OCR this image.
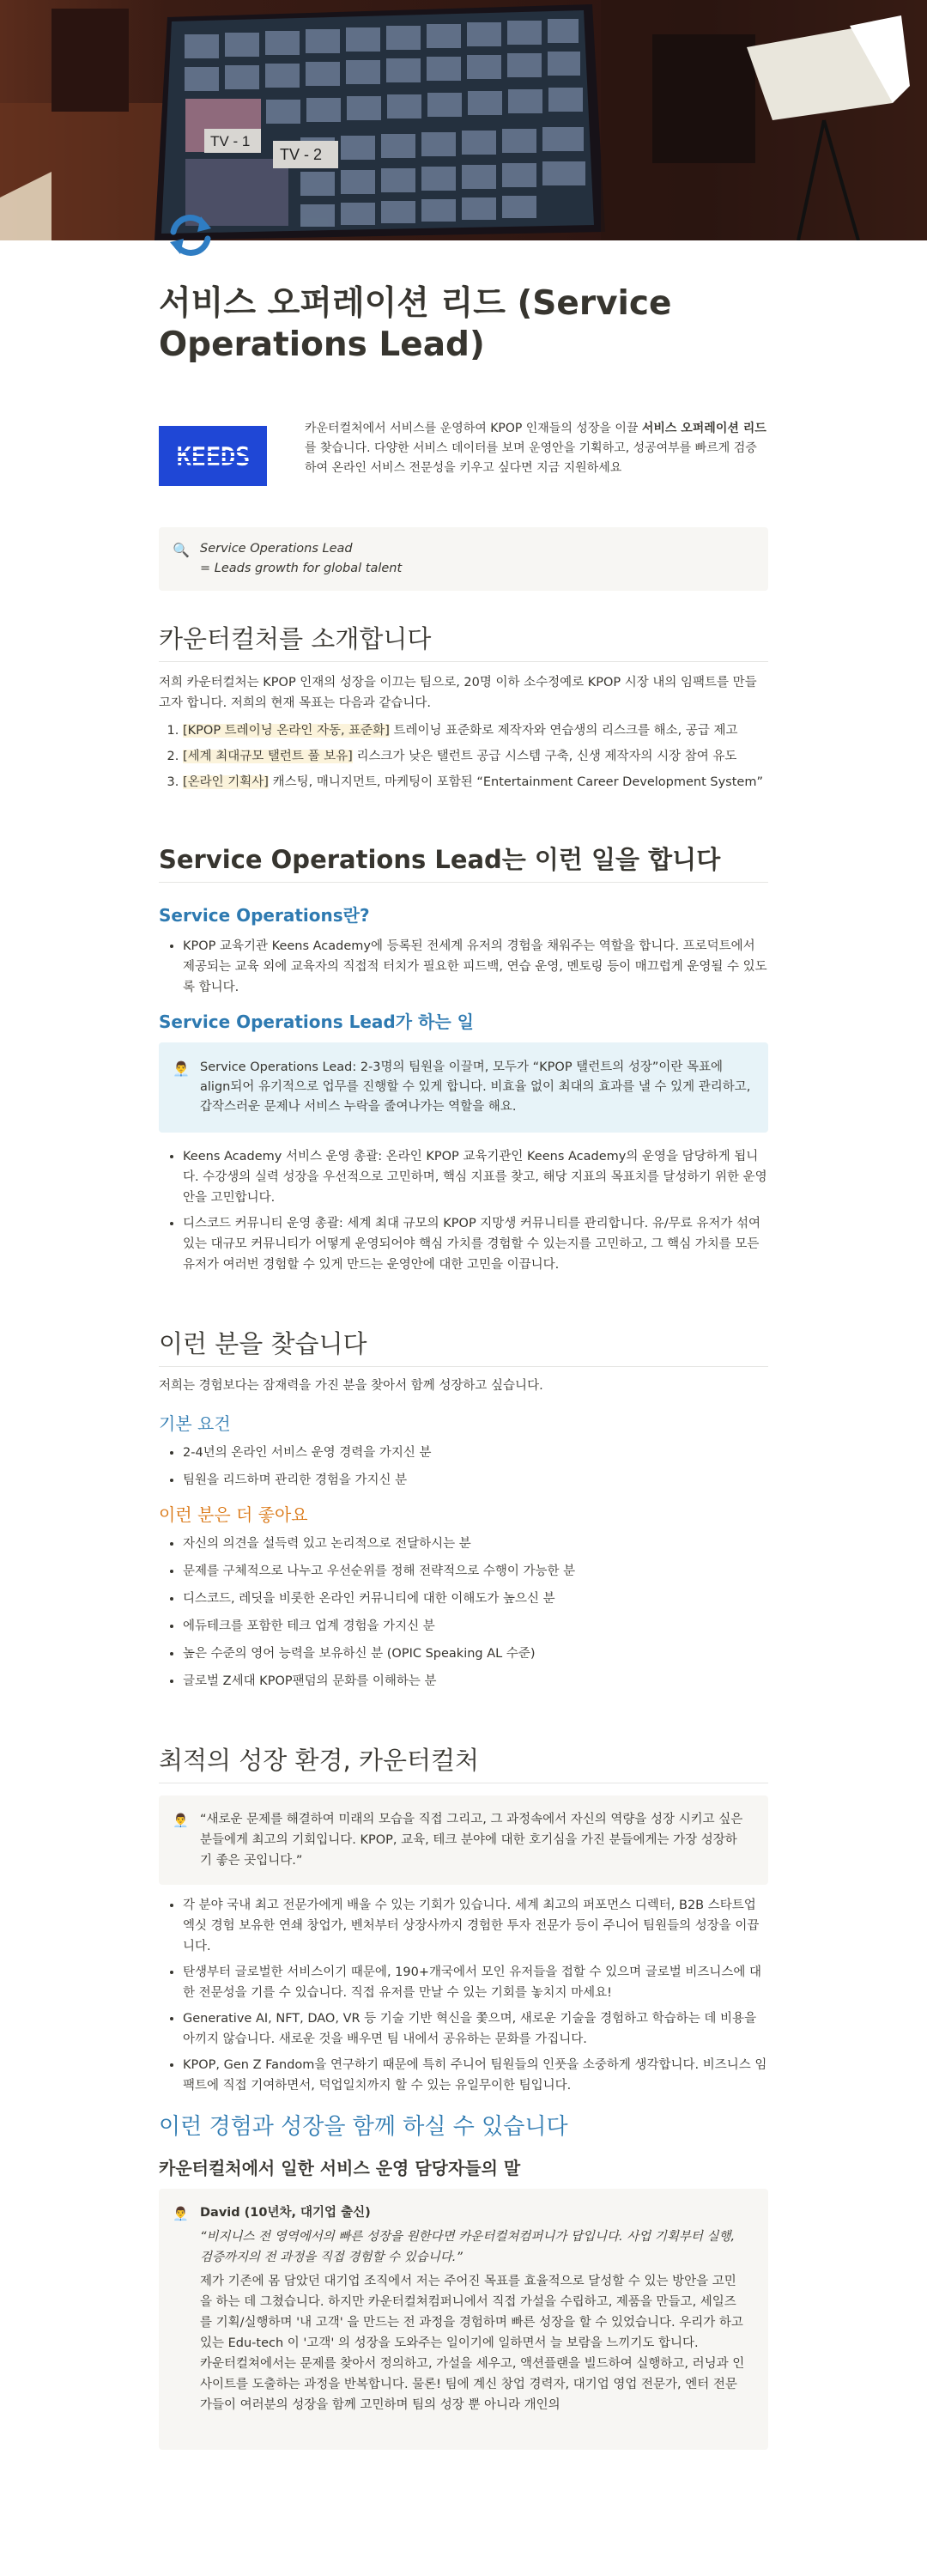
TV - 1
TV - 2
서비스 오퍼레이션 리드 (Service Operations Lead)
KEEDS
카운터컬처에서 서비스를 운영하여 KPOP 인재들의 성장을 이끌 서비스 오퍼레이션 리드를 찾습니다. 다양한 서비스 데이터를 보며 운영안을 기획하고, 성공여부를 빠르게 검증하여 온라인 서비스 전문성을 키우고 싶다면 지금 지원하세요
🔍 Service Operations Lead
= Leads growth for global talent
카운터컬처를 소개합니다

저희 카운터컬처는 KPOP 인재의 성장을 이끄는 팀으로, 20명 이하 소수정예로 KPOP 시장 내의 임팩트를 만들고자 합니다. 저희의 현재 목표는 다음과 같습니다.

1. [KPOP 트레이닝 온라인 자동, 표준화] 트레이닝 표준화로 제작자와 연습생의 리스크를 해소, 공급 제고
2. [세계 최대규모 탤런트 풀 보유] 리스크가 낮은 탤런트 공급 시스템 구축, 신생 제작자의 시장 참여 유도
3. [온라인 기획사] 캐스팅, 매니지먼트, 마케팅이 포함된 “Entertainment Career Development System”
Service Operations Lead는 이런 일을 합니다
Service Operations란?
• KPOP 교육기관 Keens Academy에 등록된 전세계 유저의 경험을 채워주는 역할을 합니다. 프로덕트에서 제공되는 교육 외에 교육자의 직접적 터치가 필요한 피드백, 연습 운영, 멘토링 등이 매끄럽게 운영될 수 있도록 합니다.
Service Operations Lead가 하는 일
👨‍💼 Service Operations Lead: 2-3명의 팀원을 이끌며, 모두가 “KPOP 탤런트의 성장”이란 목표에 align되어 유기적으로 업무를 진행할 수 있게 합니다. 비효율 없이 최대의 효과를 낼 수 있게 관리하고, 갑작스러운 문제나 서비스 누락을 줄여나가는 역할을 해요.
• Keens Academy 서비스 운영 총괄: 온라인 KPOP 교육기관인 Keens Academy의 운영을 담당하게 됩니다. 수강생의 실력 성장을 우선적으로 고민하며, 핵심 지표를 찾고, 해당 지표의 목표치를 달성하기 위한 운영안을 고민합니다.
• 디스코드 커뮤니티 운영 총괄: 세계 최대 규모의 KPOP 지망생 커뮤니티를 관리합니다. 유/무료 유저가 섞여 있는 대규모 커뮤니티가 어떻게 운영되어야 핵심 가치를 경험할 수 있는지를 고민하고, 그 핵심 가치를 모든 유저가 여러번 경험할 수 있게 만드는 운영안에 대한 고민을 이끕니다.
이런 분을 찾습니다

저희는 경험보다는 잠재력을 가진 분을 찾아서 함께 성장하고 싶습니다.

기본 요건
• 2-4년의 온라인 서비스 운영 경력을 가지신 분
• 팀원을 리드하며 관리한 경험을 가지신 분
이런 분은 더 좋아요
• 자신의 의견을 설득력 있고 논리적으로 전달하시는 분
• 문제를 구체적으로 나누고 우선순위를 정해 전략적으로 수행이 가능한 분
• 디스코드, 레딧을 비롯한 온라인 커뮤니티에 대한 이해도가 높으신 분
• 에듀테크를 포함한 테크 업계 경험을 가지신 분
• 높은 수준의 영어 능력을 보유하신 분 (OPIC Speaking AL 수준)
• 글로벌 Z세대 KPOP팬덤의 문화를 이해하는 분
최적의 성장 환경, 카운터컬처
👨‍💼 “새로운 문제를 해결하여 미래의 모습을 직접 그리고, 그 과정속에서 자신의 역량을 성장 시키고 싶은 분들에게 최고의 기회입니다. KPOP, 교육, 테크 분야에 대한 호기심을 가진 분들에게는 가장 성장하기 좋은 곳입니다.”
• 각 분야 국내 최고 전문가에게 배울 수 있는 기회가 있습니다. 세계 최고의 퍼포먼스 디렉터, B2B 스타트업 엑싯 경험 보유한 연쇄 창업가, 벤처부터 상장사까지 경험한 투자 전문가 등이 주니어 팀원들의 성장을 이끕니다.
• 탄생부터 글로벌한 서비스이기 때문에, 190+개국에서 모인 유저들을 접할 수 있으며 글로벌 비즈니스에 대한 전문성을 기를 수 있습니다. 직접 유저를 만날 수 있는 기회를 놓치지 마세요!
• Generative AI, NFT, DAO, VR 등 기술 기반 혁신을 쫓으며, 새로운 기술을 경험하고 학습하는 데 비용을 아끼지 않습니다. 새로운 것을 배우면 팀 내에서 공유하는 문화를 가집니다.
• KPOP, Gen Z Fandom을 연구하기 때문에 특히 주니어 팀원들의 인풋을 소중하게 생각합니다. 비즈니스 임팩트에 직접 기여하면서, 덕업일치까지 할 수 있는 유일무이한 팀입니다.
이런 경험과 성장을 함께 하실 수 있습니다
카운터컬처에서 일한 서비스 운영 담당자들의 말
👨‍💼 David (10년차, 대기업 출신)
“비지니스 전 영역에서의 빠른 성장을 원한다면 카운터컬쳐컴퍼니가 답입니다. 사업 기획부터 실행, 검증까지의 전 과정을 직접 경험할 수 있습니다.”
제가 기존에 몸 담았던 대기업 조직에서 저는 주어진 목표를 효율적으로 달성할 수 있는 방안을 고민을 하는 데 그쳤습니다. 하지만 카운터컬쳐컴퍼니에서 직접 가설을 수립하고, 제품을 만들고, 세일즈를 기획/실행하며 '내 고객' 을 만드는 전 과정을 경험하며 빠른 성장을 할 수 있었습니다. 우리가 하고 있는 Edu-tech 이 '고객' 의 성장을 도와주는 일이기에 일하면서 늘 보람을 느끼기도 합니다.
카운터컬쳐에서는 문제를 찾아서 정의하고, 가설을 세우고, 액션플랜을 빌드하여 실행하고, 러닝과 인사이트를 도출하는 과정을 반복합니다. 물론! 팀에 계신 창업 경력자, 대기업 영업 전문가, 엔터 전문가들이 여러분의 성장을 함께 고민하며 팀의 성장 뿐 아니라 개인의
